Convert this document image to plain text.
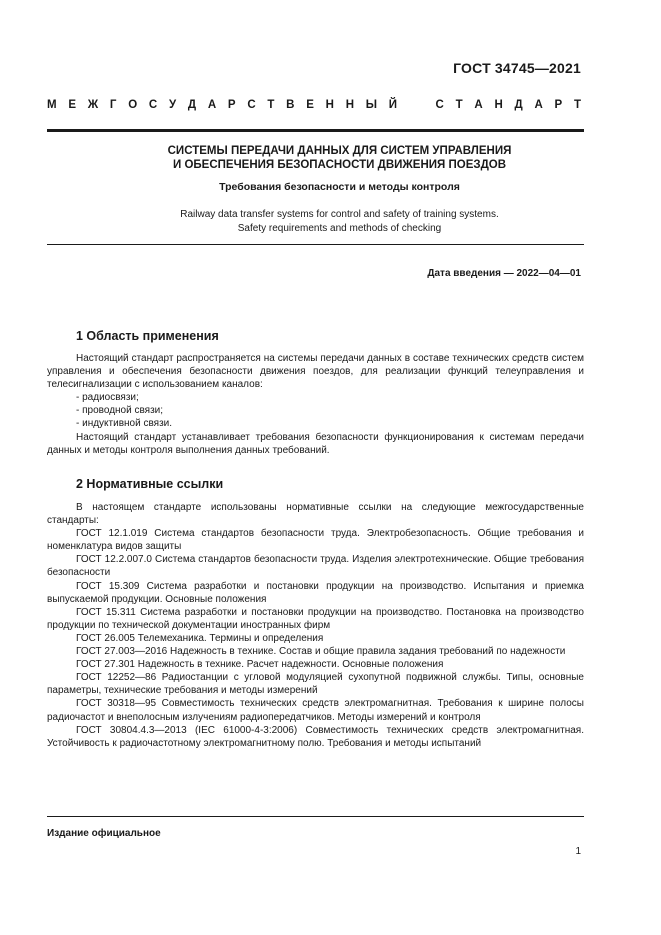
ГОСТ 34745—2021
М Е Ж Г О С У Д А Р С Т В Е Н Н Ы Й	С Т А Н Д А Р Т
СИСТЕМЫ ПЕРЕДАЧИ ДАННЫХ ДЛЯ СИСТЕМ УПРАВЛЕНИЯ
И ОБЕСПЕЧЕНИЯ БЕЗОПАСНОСТИ ДВИЖЕНИЯ ПОЕЗДОВ
Требования безопасности и методы контроля
Railway data transfer systems for control and safety of training systems.
Safety requirements and methods of checking
Дата введения — 2022—04—01
1 Область применения

Настоящий стандарт распространяется на системы передачи данных в составе технических средств систем управления и обеспечения безопасности движения поездов, для реализации функций телеуправления и телесигнализации с использованием каналов:

- радиосвязи;

- проводной связи;

- индуктивной связи.

Настоящий стандарт устанавливает требования безопасности функционирования к системам передачи данных и методы контроля выполнения данных требований.

2 Нормативные ссылки

В настоящем стандарте использованы нормативные ссылки на следующие межгосударственные стандарты:

ГОСТ 12.1.019 Система стандартов безопасности труда. Электробезопасность. Общие требования и номенклатура видов защиты

ГОСТ 12.2.007.0 Система стандартов безопасности труда. Изделия электротехнические. Общие требования безопасности

ГОСТ 15.309 Система разработки и постановки продукции на производство. Испытания и приемка выпускаемой продукции. Основные положения

ГОСТ 15.311 Система разработки и постановки продукции на производство. Постановка на производство продукции по технической документации иностранных фирм

ГОСТ 26.005 Телемеханика. Термины и определения

ГОСТ 27.003—2016 Надежность в технике. Состав и общие правила задания требований по надежности

ГОСТ 27.301 Надежность в технике. Расчет надежности. Основные положения

ГОСТ 12252—86 Радиостанции с угловой модуляцией сухопутной подвижной службы. Типы, основные параметры, технические требования и методы измерений

ГОСТ 30318—95 Совместимость технических средств электромагнитная. Требования к ширине полосы радиочастот и внеполосным излучениям радиопередатчиков. Методы измерений и контроля

ГОСТ 30804.4.3—2013 (IEC 61000-4-3:2006) Совместимость технических средств электромагнитная. Устойчивость к радиочастотному электромагнитному полю. Требования и методы испытаний

Издание официальное
1
